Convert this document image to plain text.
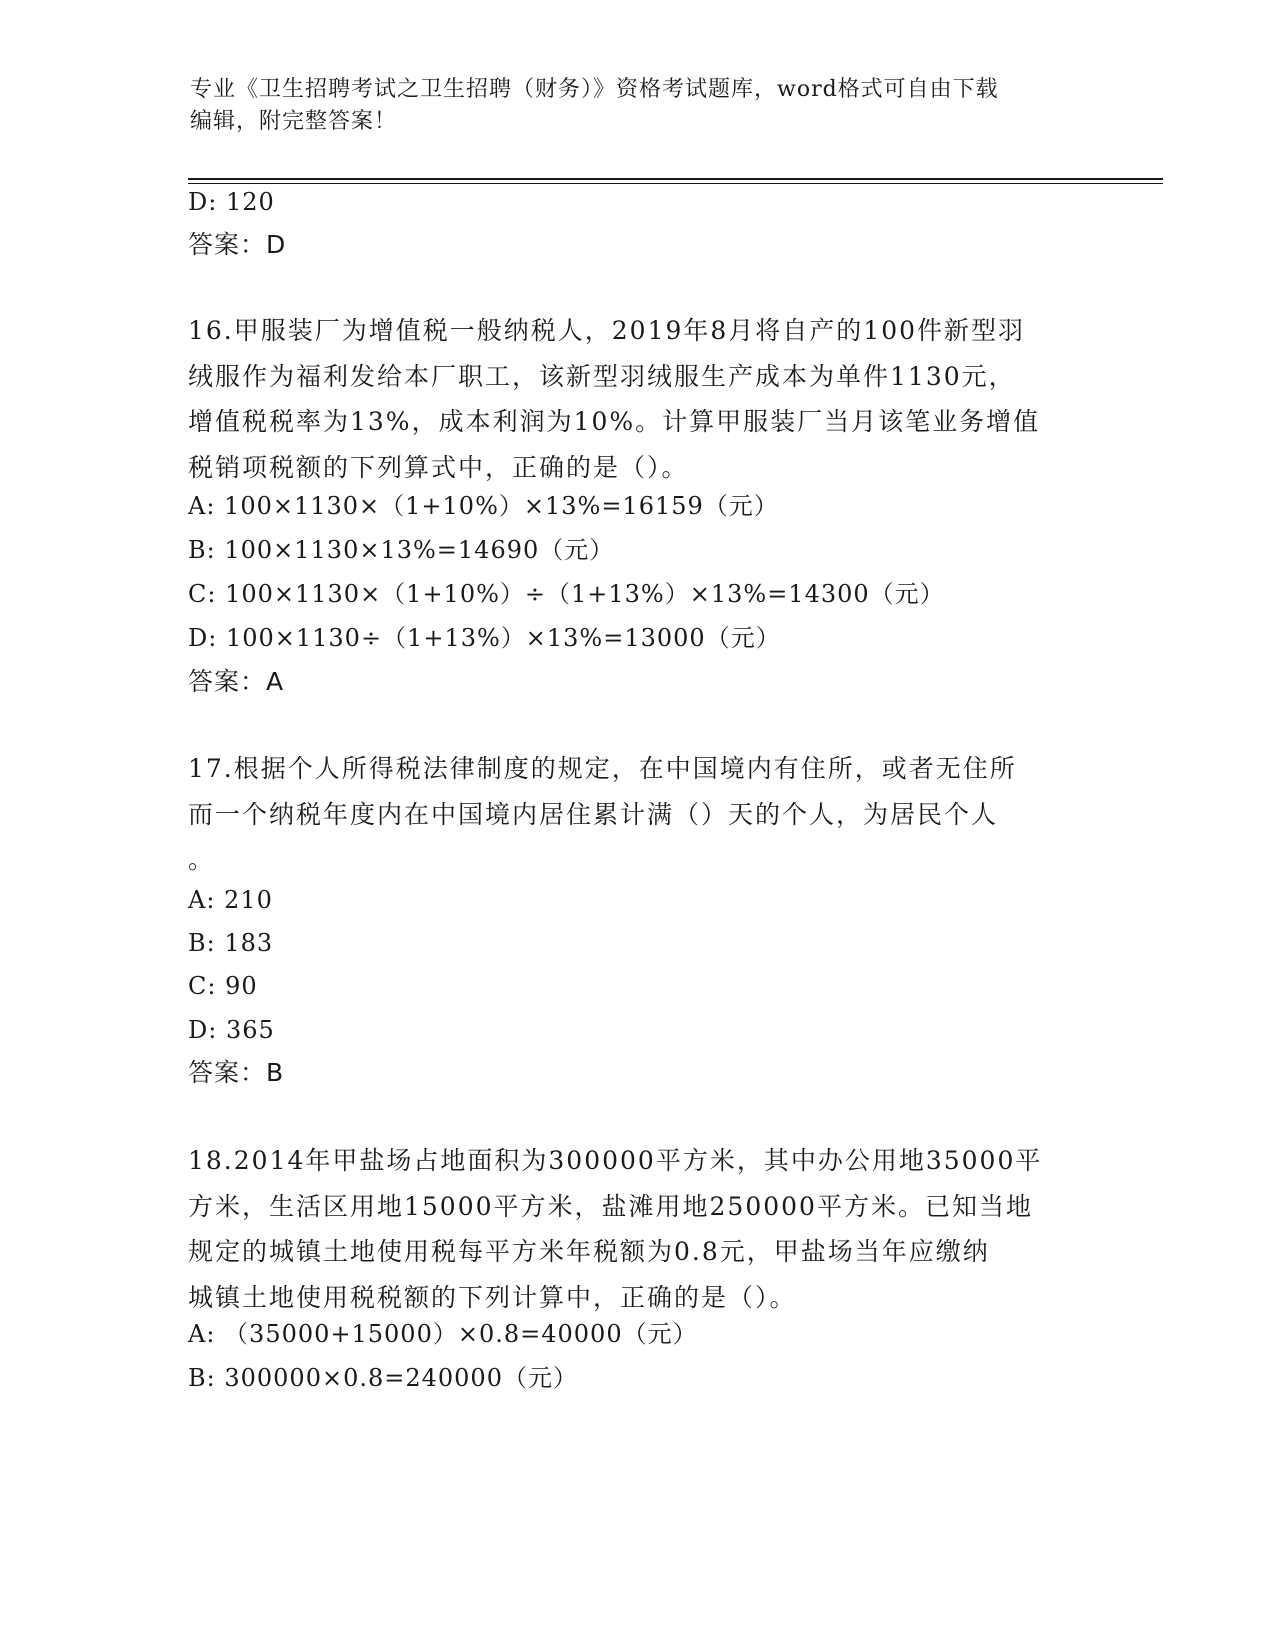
专业《卫生招聘考试之卫生招聘（财务）》资格考试题库，word格式可自由下载
编辑，附完整答案！
D: 120
答案：D
16.甲服装厂为增值税一般纳税人，2019年8月将自产的100件新型羽
绒服作为福利发给本厂职工，该新型羽绒服生产成本为单件1130元，
增值税税率为13%，成本利润为10%。计算甲服装厂当月该笔业务增值
税销项税额的下列算式中，正确的是（）。
A: 100×1130×（1+10%）×13%=16159（元）
B: 100×1130×13%=14690（元）
C: 100×1130×（1+10%）÷（1+13%）×13%=14300（元）
D: 100×1130÷（1+13%）×13%=13000（元）
答案：A
17.根据个人所得税法律制度的规定，在中国境内有住所，或者无住所
而一个纳税年度内在中国境内居住累计满（）天的个人，为居民个人
。
A: 210
B: 183
C: 90
D: 365
答案：B
18.2014年甲盐场占地面积为300000平方米，其中办公用地35000平
方米，生活区用地15000平方米，盐滩用地250000平方米。已知当地
规定的城镇土地使用税每平方米年税额为0.8元，甲盐场当年应缴纳
城镇土地使用税税额的下列计算中，正确的是（）。
A: （35000+15000）×0.8=40000（元）
B: 300000×0.8=240000（元）
